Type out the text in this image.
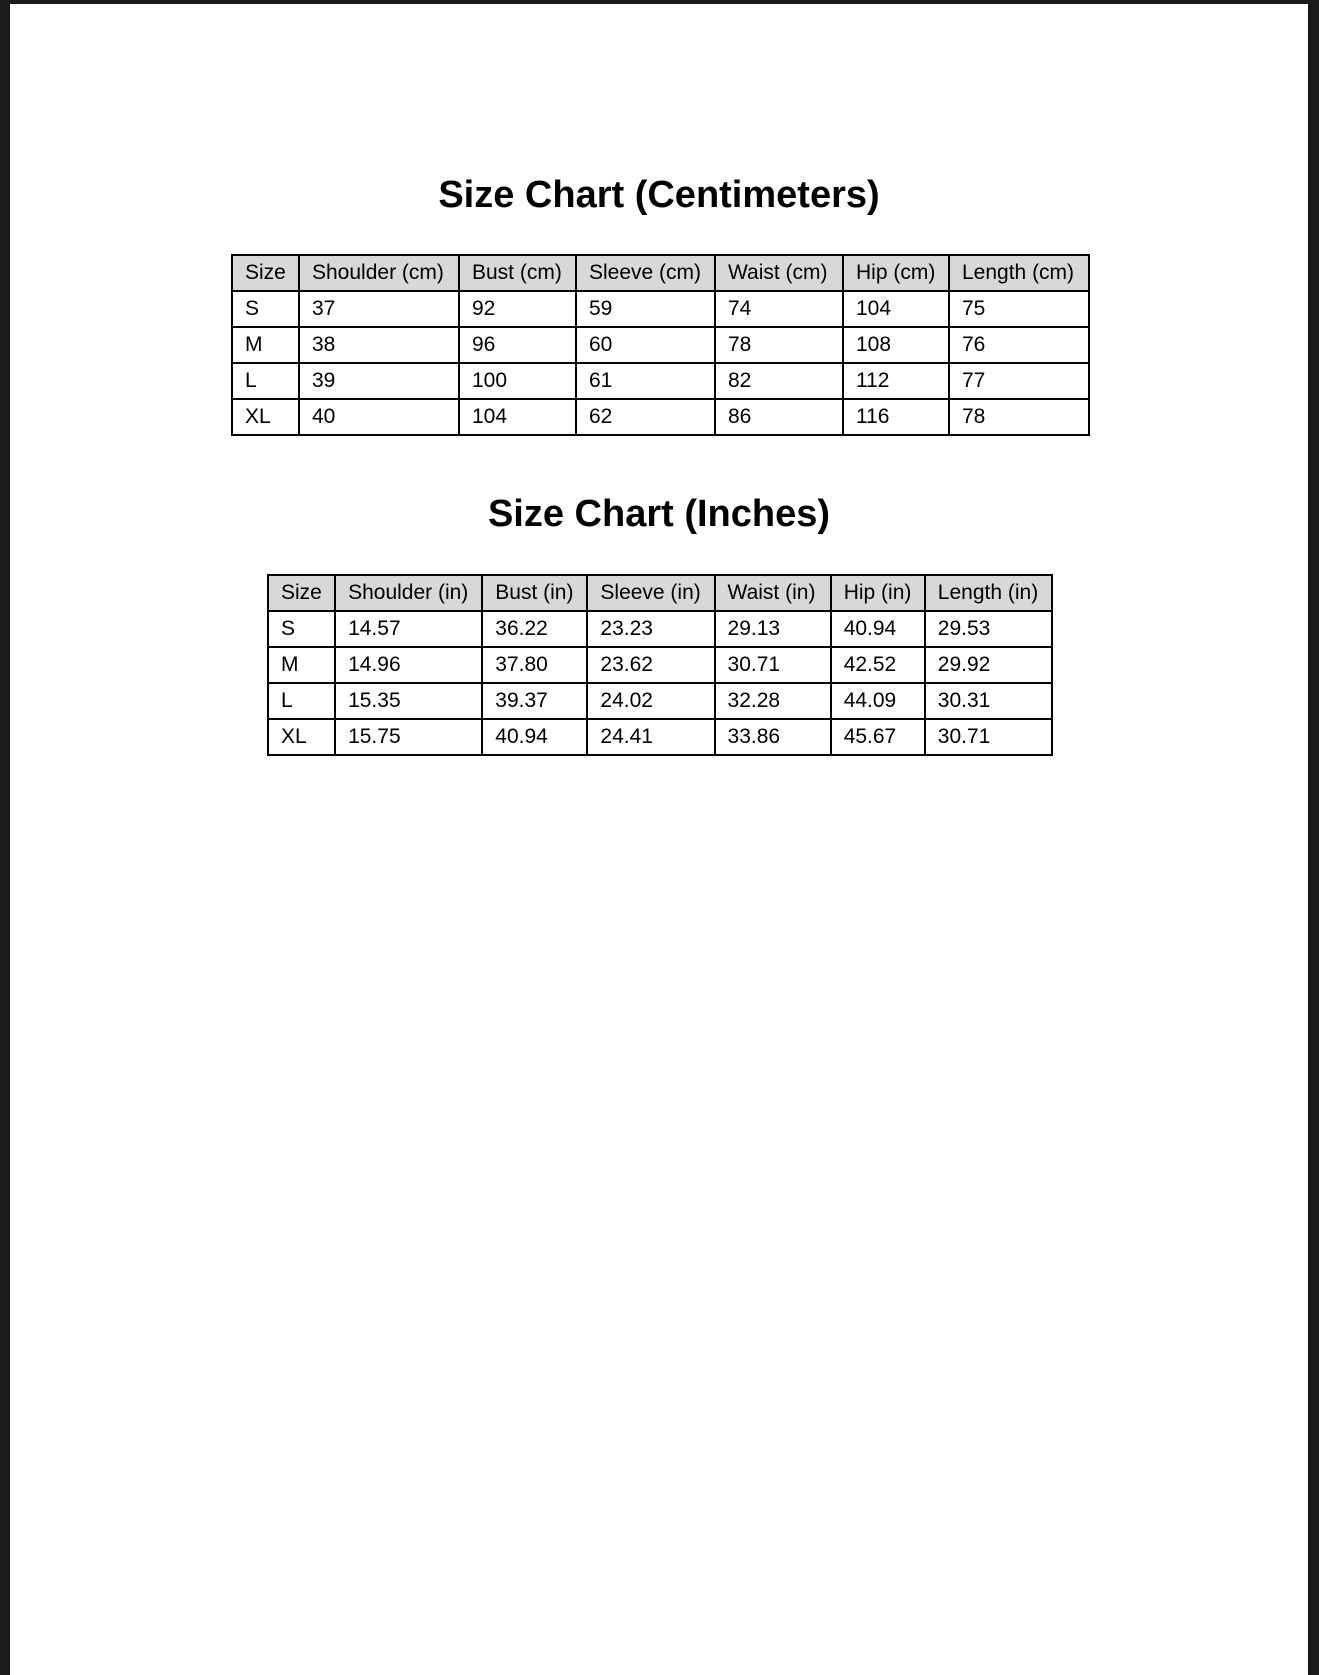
Size Chart (Centimeters)
Size	Shoulder (cm)	Bust (cm)	Sleeve (cm)	Waist (cm)	Hip (cm)	Length (cm)
S	37	92	59	74	104	75
M	38	96	60	78	108	76
L	39	100	61	82	112	77
XL	40	104	62	86	116	78
Size Chart (Inches)
Size	Shoulder (in)	Bust (in)	Sleeve (in)	Waist (in)	Hip (in)	Length (in)
S	14.57	36.22	23.23	29.13	40.94	29.53
M	14.96	37.80	23.62	30.71	42.52	29.92
L	15.35	39.37	24.02	32.28	44.09	30.31
XL	15.75	40.94	24.41	33.86	45.67	30.71
